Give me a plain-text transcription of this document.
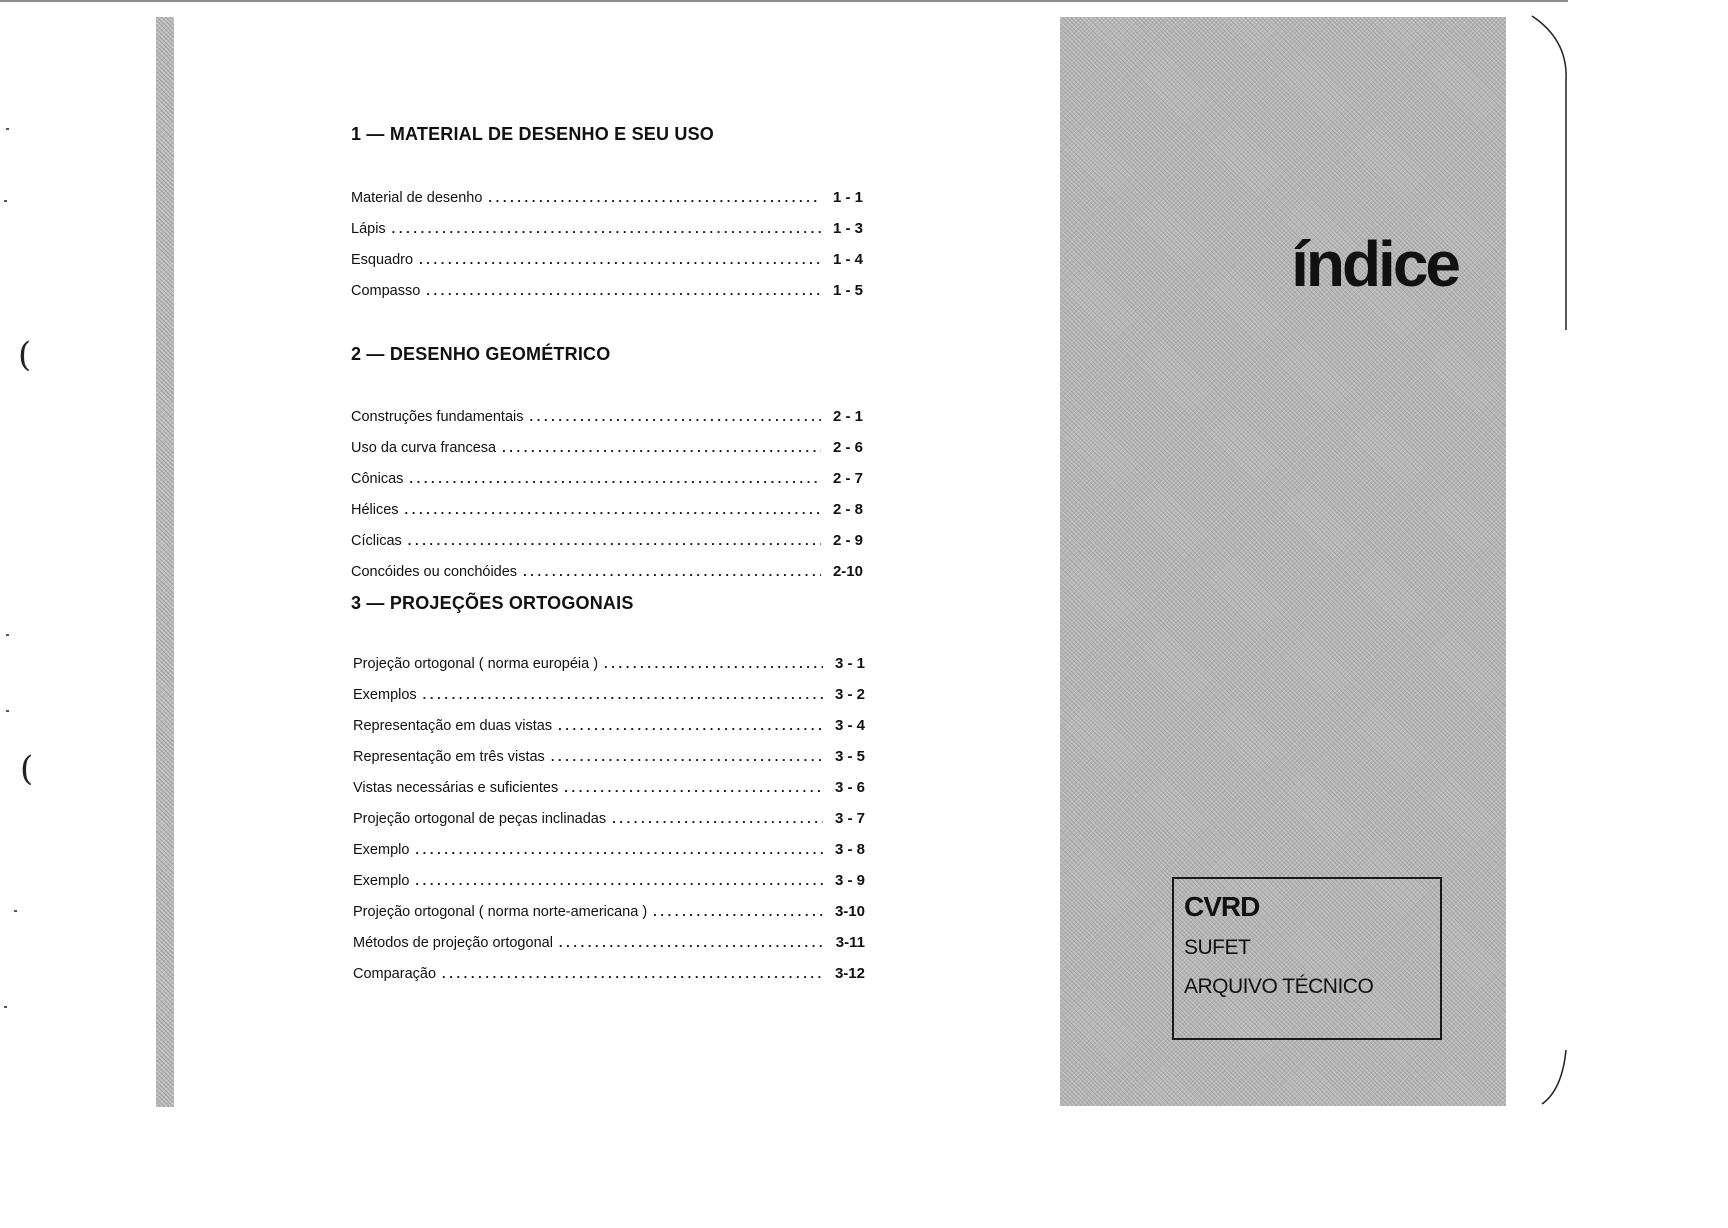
(
(
1 — MATERIAL DE DESENHO E SEU USO
Material de desenho . . .	1 - 1
Lápis . . .	1 - 3
Esquadro . . .	1 - 4
Compasso . . .	1 - 5
2 — DESENHO GEOMÉTRICO
Construções fundamentais . . .	2 - 1
Uso da curva francesa . . .	2 - 6
Cônicas . . .	2 - 7
Hélices . . .	2 - 8
Cíclicas . . .	2 - 9
Concóides ou conchóides . . .	2-10
3 — PROJEÇÕES ORTOGONAIS
Projeção ortogonal ( norma européia ) . . .	3 - 1
Exemplos . . .	3 - 2
Representação em duas vistas . . .	3 - 4
Representação em três vistas . . .	3 - 5
Vistas necessárias e suficientes . . .	3 - 6
Projeção ortogonal de peças inclinadas . . .	3 - 7
Exemplo . . .	3 - 8
Exemplo . . .	3 - 9
Projeção ortogonal ( norma norte-americana ) . . .	3-10
Métodos de projeção ortogonal . . .	3-11
Comparação . . .	3-12
índice
CVRD
SUFET
ARQUIVO TÉCNICO
